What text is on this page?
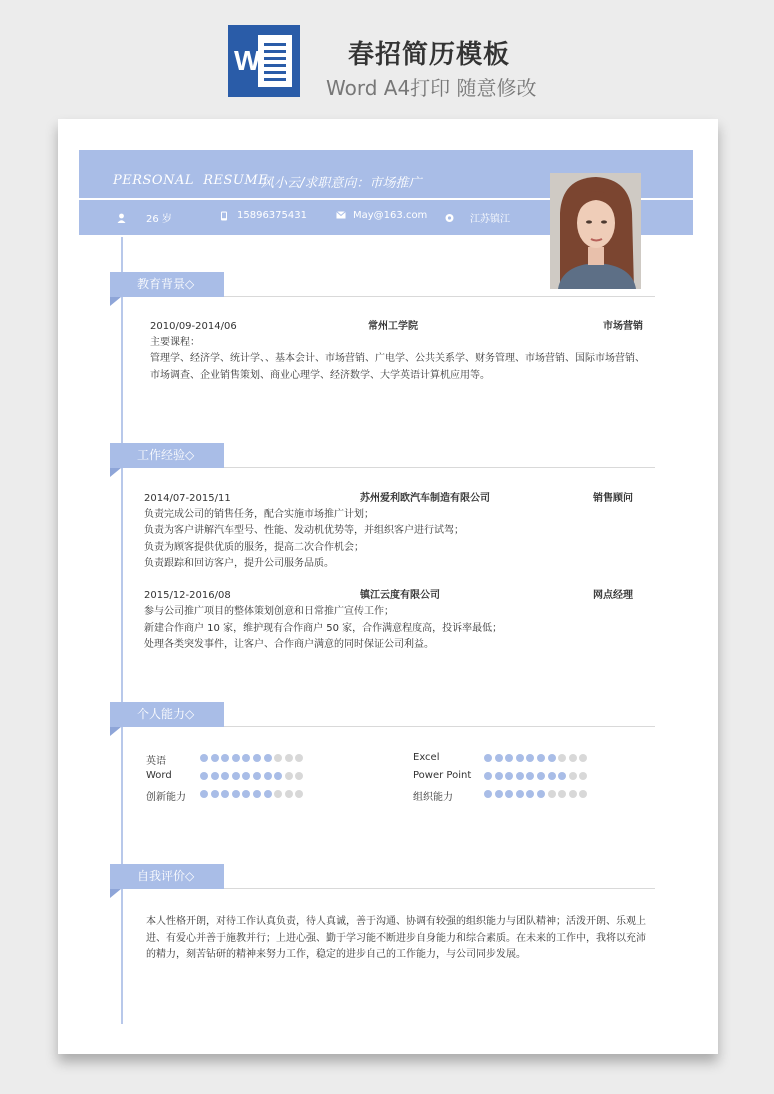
W	春招简历模板
Word A4打印 随意修改
PERSONAL  RESUME
风小云/求职意向：市场推广
26 岁	15896375431	May@163.com	江苏镇江
教育背景◇
2010/09-2014/06	常州工学院	市场营销
主要课程：
管理学、经济学、统计学、、基本会计、市场营销、广电学、公共关系学、财务管理、市场营销、国际市场营销、市场调查、企业销售策划、商业心理学、经济数学、大学英语计算机应用等。
工作经验◇
2014/07-2015/11	苏州爱利欧汽车制造有限公司	销售顾问
负责完成公司的销售任务，配合实施市场推广计划；
负责为客户讲解汽车型号、性能、发动机优势等，并组织客户进行试驾；
负责为顾客提供优质的服务，提高二次合作机会；
负责跟踪和回访客户，提升公司服务品质。
2015/12-2016/08	镇江云度有限公司	网点经理
参与公司推广项目的整体策划创意和日常推广宣传工作；
新建合作商户 10 家，维护现有合作商户 50 家，合作满意程度高，投诉率最低；
处理各类突发事件，让客户、合作商户满意的同时保证公司利益。
个人能力◇
英语	Excel
Word	Power Point
创新能力	组织能力
自我评价◇
本人性格开朗，对待工作认真负责，待人真诚，善于沟通、协调有较强的组织能力与团队精神；活泼开朗、乐观上进、有爱心并善于施教并行；上进心强、勤于学习能不断进步自身能力和综合素质。在未来的工作中，我将以充沛的精力，刻苦钻研的精神来努力工作，稳定的进步自己的工作能力，与公司同步发展。
